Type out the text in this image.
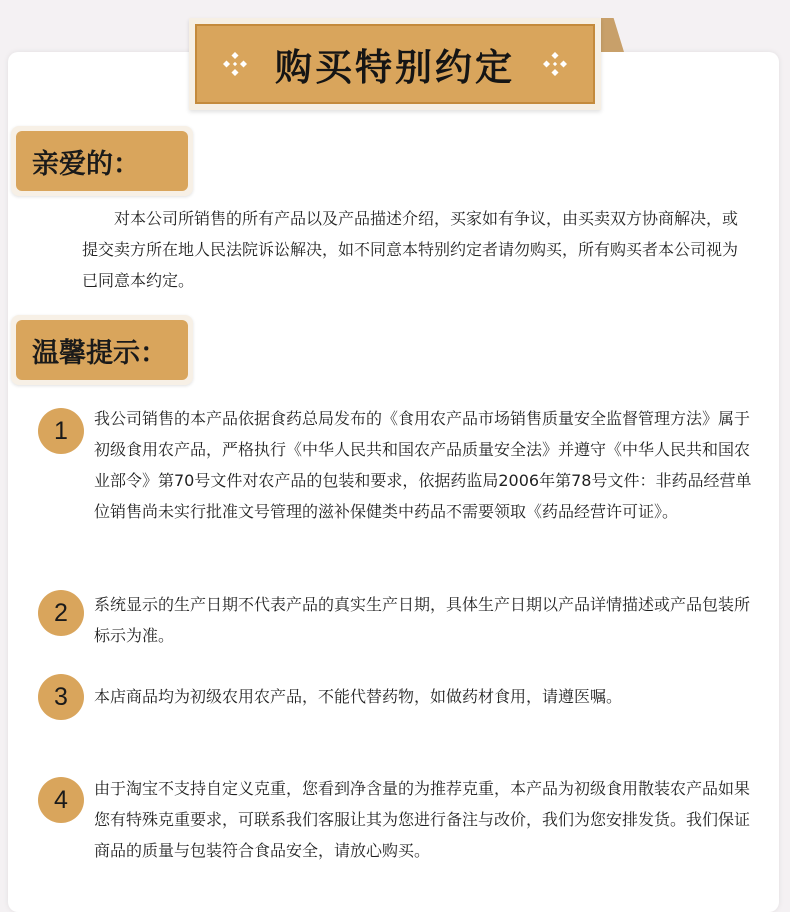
购买特别约定
亲爱的：
对本公司所销售的所有产品以及产品描述介绍，买家如有争议，由买卖双方协商解决，或提交卖方所在地人民法院诉讼解决，如不同意本特别约定者请勿购买，所有购买者本公司视为已同意本约定。
温馨提示：
1	我公司销售的本产品依据食药总局发布的《食用农产品市场销售质量安全监督管理方法》属于初级食用农产品，严格执行《中华人民共和国农产品质量安全法》并遵守《中华人民共和国农业部令》第70号文件对农产品的包装和要求，依据药监局2006年第78号文件：非药品经营单位销售尚未实行批准文号管理的滋补保健类中药品不需要领取《药品经营许可证》。
2	系统显示的生产日期不代表产品的真实生产日期，具体生产日期以产品详情描述或产品包装所标示为准。
3	本店商品均为初级农用农产品，不能代替药物，如做药材食用，请遵医嘱。
4	由于淘宝不支持自定义克重，您看到净含量的为推荐克重，本产品为初级食用散装农产品如果您有特殊克重要求，可联系我们客服让其为您进行备注与改价，我们为您安排发货。我们保证商品的质量与包装符合食品安全，请放心购买。
